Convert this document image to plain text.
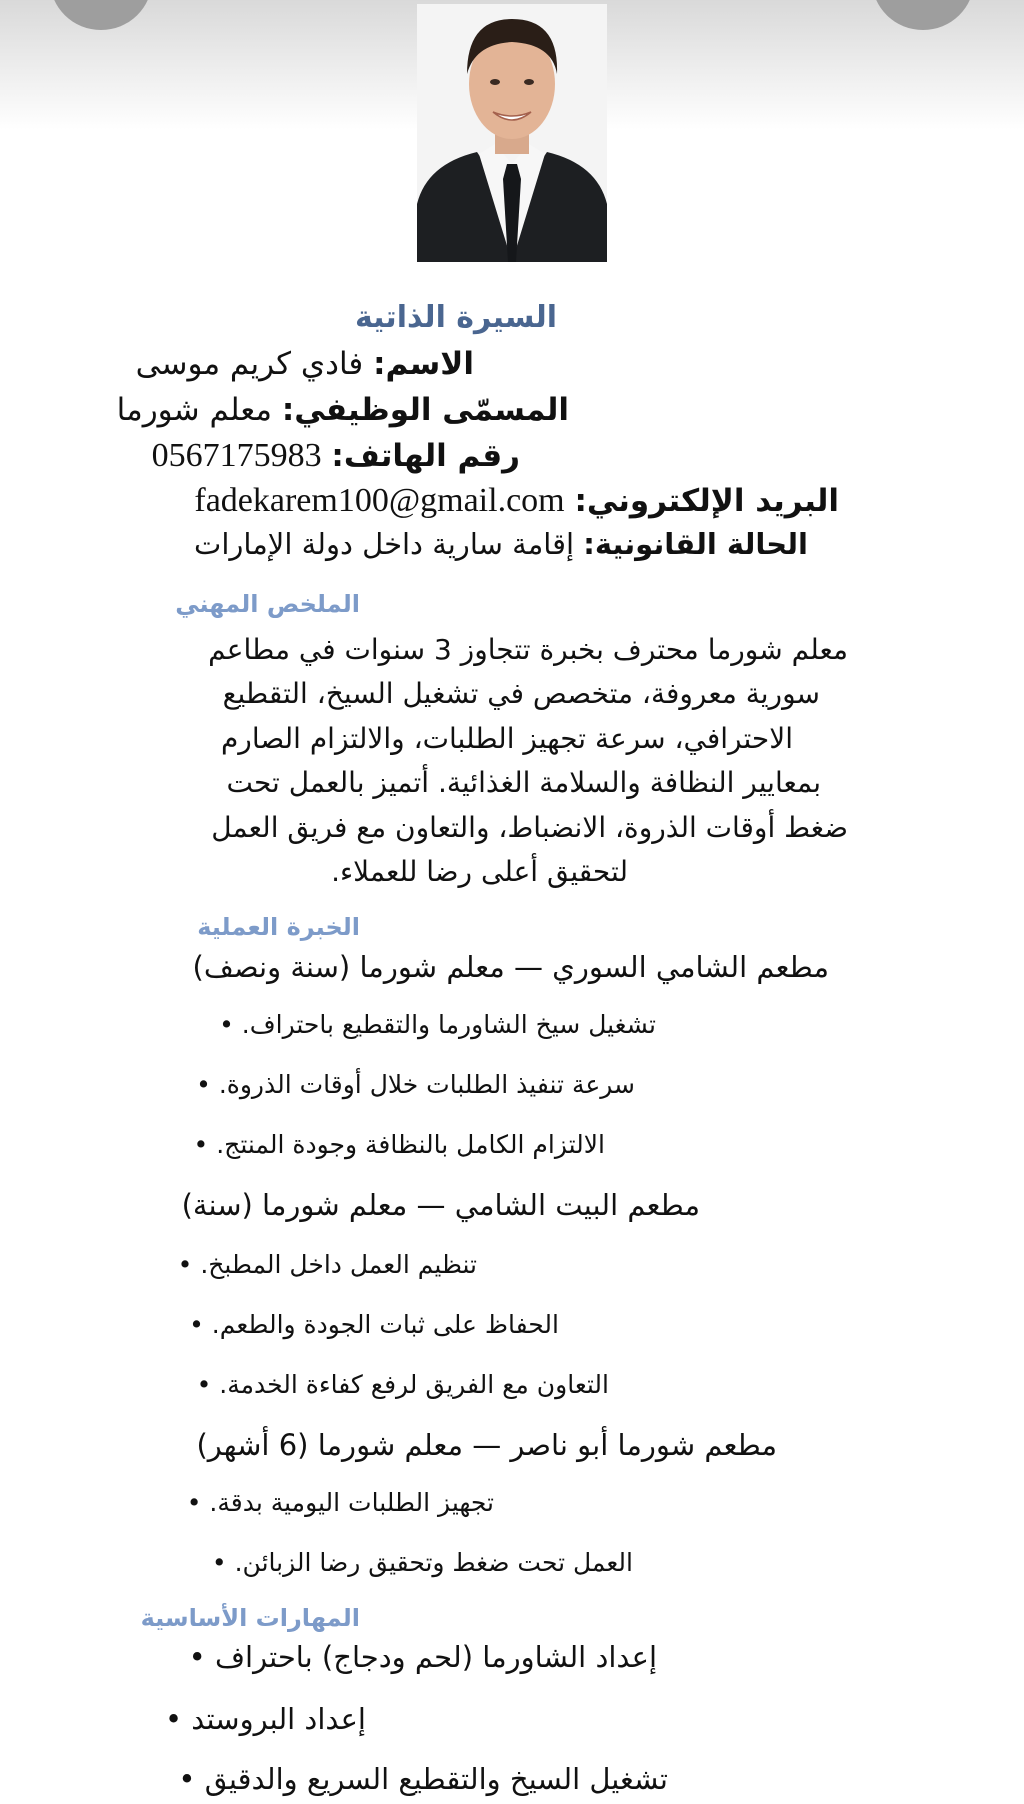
السيرة الذاتية
الاسم: فادي كريم موسى
المسمّى الوظيفي: معلم شورما
رقم الهاتف: 0567175983
البريد الإلكتروني: fadekarem100@gmail.com
الحالة القانونية: إقامة سارية داخل دولة الإمارات
الملخص المهني
معلم شورما محترف بخبرة تتجاوز 3 سنوات في مطاعم
سورية معروفة، متخصص في تشغيل السيخ، التقطيع
الاحترافي، سرعة تجهيز الطلبات، والالتزام الصارم
بمعايير النظافة والسلامة الغذائية. أتميز بالعمل تحت
ضغط أوقات الذروة، الانضباط، والتعاون مع فريق العمل
لتحقيق أعلى رضا للعملاء.
الخبرة العملية
مطعم الشامي السوري — معلم شورما (سنة ونصف)
تشغيل سيخ الشاورما والتقطيع باحتراف. •
سرعة تنفيذ الطلبات خلال أوقات الذروة. •
الالتزام الكامل بالنظافة وجودة المنتج. •
مطعم البيت الشامي — معلم شورما (سنة)
تنظيم العمل داخل المطبخ. •
الحفاظ على ثبات الجودة والطعم. •
التعاون مع الفريق لرفع كفاءة الخدمة. •
مطعم شورما أبو ناصر — معلم شورما (6 أشهر)
تجهيز الطلبات اليومية بدقة. •
العمل تحت ضغط وتحقيق رضا الزبائن. •
المهارات الأساسية
إعداد الشاورما (لحم ودجاج) باحتراف •
إعداد البروستد •
تشغيل السيخ والتقطيع السريع والدقيق •
